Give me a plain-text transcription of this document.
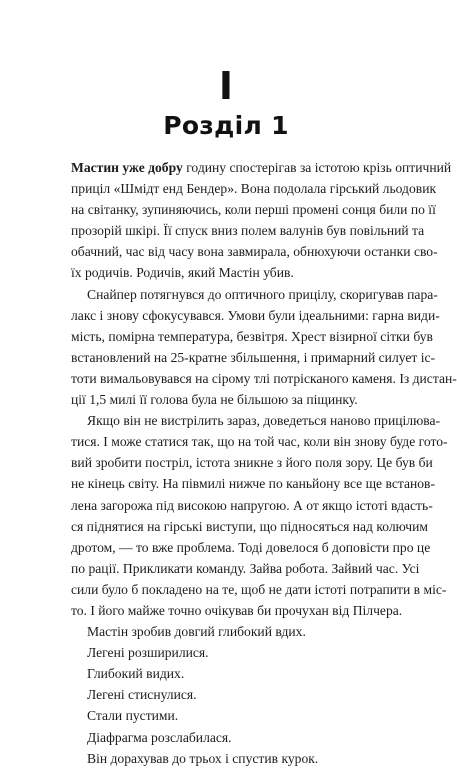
I
Розділ 1
Мастин уже добру годину спостерігав за істотою крізь оптичний
приціл «Шмідт енд Бендер». Вона подолала гірський льодовик
на світанку, зупиняючись, коли перші промені сонця били по її
прозорій шкірі. Її спуск вниз полем валунів був повільний та
обачний, час від часу вона завмирала, обнюхуючи останки сво-
їх родичів. Родичів, який Мастін убив.
Снайпер потягнувся до оптичного прицілу, скоригував пара-
лакс і знову сфокусувався. Умови були ідеальними: гарна види-
мість, помірна температура, безвітря. Хрест візирної сітки був
встановлений на 25-кратне збільшення, і примарний силует іс-
тоти вимальовувався на сірому тлі потрісканого каменя. Із дистан-
ції 1,5 милі її голова була не більшою за піщинку.
Якщо він не вистрілить зараз, доведеться наново прицілюва-
тися. І може статися так, що на той час, коли він знову буде гото-
вий зробити постріл, істота зникне з його поля зору. Це був би
не кінець світу. На півмилі нижче по каньйону все ще встанов-
лена загорожа під високою напругою. А от якщо істоті вдасть-
ся піднятися на гірські виступи, що підносяться над колючим
дротом, — то вже проблема. Тоді довелося б доповісти про це
по рації. Прикликати команду. Зайва робота. Зайвий час. Усі
сили було б покладено на те, щоб не дати істоті потрапити в міс-
то. І його майже точно очікував би прочухан від Пілчера.
Мастін зробив довгий глибокий вдих.
Легені розширилися.
Глибокий видих.
Легені стиснулися.
Стали пустими.
Діафрагма розслабилася.
Він дорахував до трьох і спустив курок.
